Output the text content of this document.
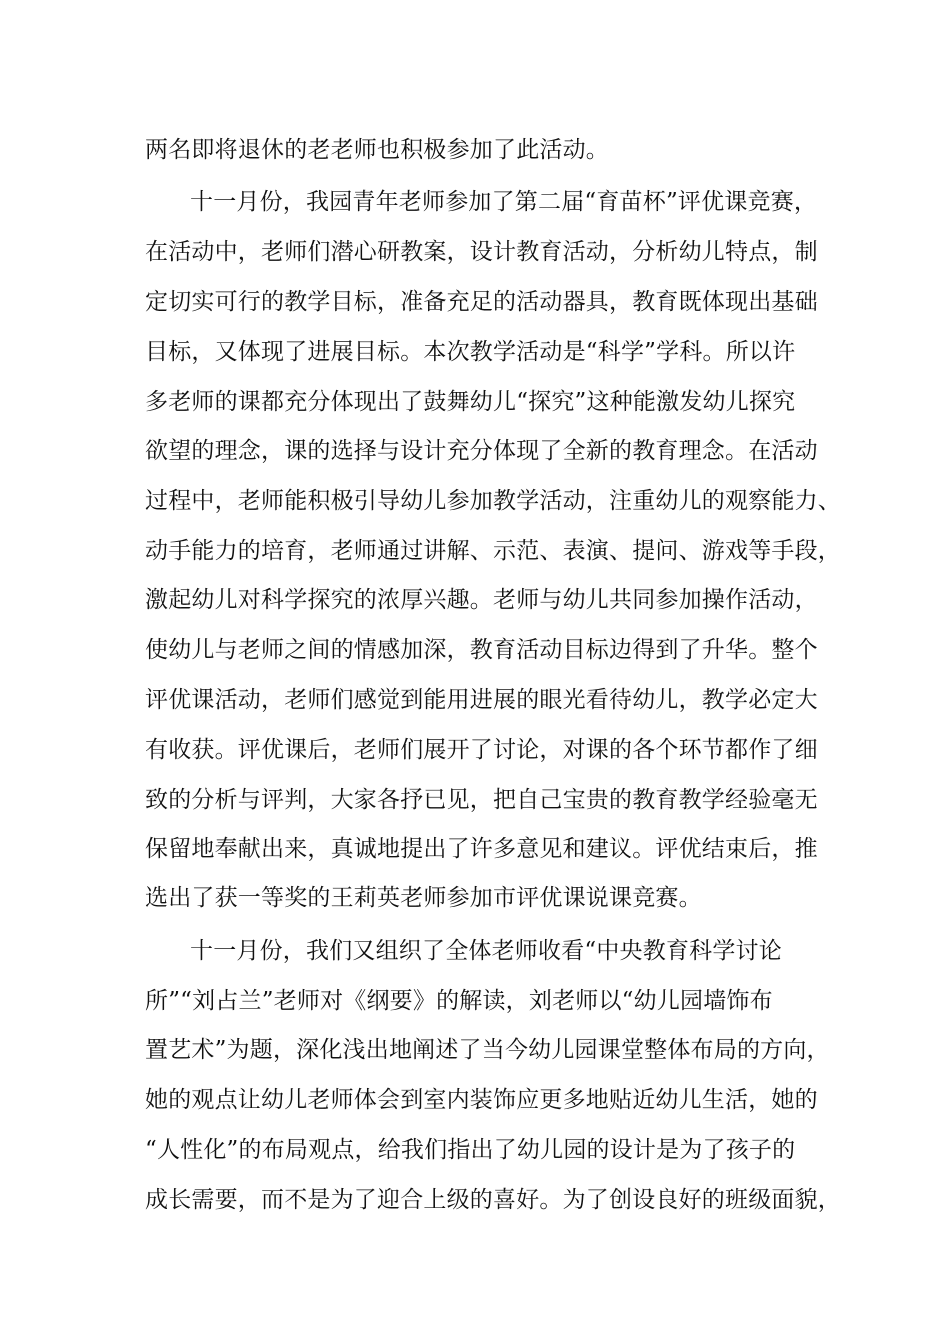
两名即将退休的老老师也积极参加了此活动。
十一月份，我园青年老师参加了第二届“育苗杯”评优课竞赛，
在活动中，老师们潜心研教案，设计教育活动，分析幼儿特点，制
定切实可行的教学目标，准备充足的活动器具，教育既体现出基础
目标，又体现了进展目标。本次教学活动是“科学”学科。所以许
多老师的课都充分体现出了鼓舞幼儿“探究”这种能激发幼儿探究
欲望的理念，课的选择与设计充分体现了全新的教育理念。在活动
过程中，老师能积极引导幼儿参加教学活动，注重幼儿的观察能力、
动手能力的培育，老师通过讲解、示范、表演、提问、游戏等手段，
激起幼儿对科学探究的浓厚兴趣。老师与幼儿共同参加操作活动，
使幼儿与老师之间的情感加深，教育活动目标边得到了升华。整个
评优课活动，老师们感觉到能用进展的眼光看待幼儿，教学必定大
有收获。评优课后，老师们展开了讨论，对课的各个环节都作了细
致的分析与评判，大家各抒已见，把自己宝贵的教育教学经验毫无
保留地奉献出来，真诚地提出了许多意见和建议。评优结束后，推
选出了获一等奖的王莉英老师参加市评优课说课竞赛。
十一月份，我们又组织了全体老师收看“中央教育科学讨论
所”“刘占兰”老师对《纲要》的解读，刘老师以“幼儿园墙饰布
置艺术”为题，深化浅出地阐述了当今幼儿园课堂整体布局的方向，
她的观点让幼儿老师体会到室内装饰应更多地贴近幼儿生活，她的
“人性化”的布局观点，给我们指出了幼儿园的设计是为了孩子的
成长需要，而不是为了迎合上级的喜好。为了创设良好的班级面貌，
